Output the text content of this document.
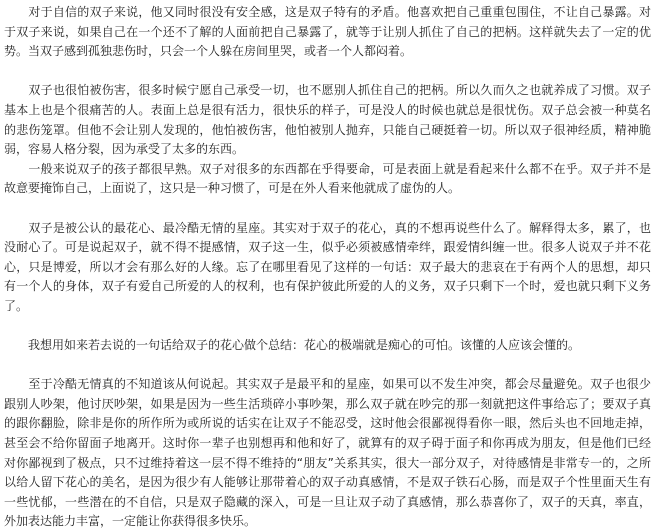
　　对于自信的双子来说，他又同时很没有安全感，这是双子特有的矛盾。他喜欢把自己重重包围住，不让自己暴露。对于双子来说，如果自己在一个还不了解的人面前把自己暴露了，就等于让别人抓住了自己的把柄。这样就失去了一定的优势。当双子感到孤独悲伤时，只会一个人躲在房间里哭，或者一个人都闷着。

　　双子也很怕被伤害，很多时候宁愿自己承受一切，也不愿别人抓住自己的把柄。所以久而久之也就养成了习惯。双子基本上也是个很痛苦的人。表面上总是很有活力，很快乐的样子，可是没人的时候也就总是很忧伤。双子总会被一种莫名的悲伤笼罩。但他不会让别人发现的，他怕被伤害，他怕被别人抛弃，只能自己硬挺着一切。所以双子很神经质，精神脆弱，容易人格分裂，因为承受了太多的东西。

　　一般来说双子的孩子都很早熟。双子对很多的东西都在乎得要命，可是表面上就是看起来什么都不在乎。双子并不是故意要掩饰自己，上面说了，这只是一种习惯了，可是在外人看来他就成了虚伪的人。

　　双子是被公认的最花心、最冷酷无情的星座。其实对于双子的花心，真的不想再说些什么了。解释得太多，累了，也没耐心了。可是说起双子，就不得不提感情，双子这一生，似乎必须被感情牵绊，跟爱情纠缠一世。很多人说双子并不花心，只是博爱，所以才会有那么好的人缘。忘了在哪里看见了这样的一句话：双子最大的悲哀在于有两个人的思想，却只有一个人的身体，双子有爱自己所爱的人的权利，也有保护彼此所爱的人的义务，双子只剩下一个时，爱也就只剩下义务了。

　　我想用如来若去说的一句话给双子的花心做个总结：花心的极端就是痴心的可怕。该懂的人应该会懂的。

　　至于冷酷无情真的不知道该从何说起。其实双子是最平和的星座，如果可以不发生冲突，都会尽量避免。双子也很少跟别人吵架，他讨厌吵架，如果是因为一些生活琐碎小事吵架，那么双子就在吵完的那一刻就把这件事给忘了；要双子真的跟你翻脸，除非是你的所作所为或所说的话实在让双子不能忍受，这时他会很鄙视得看你一眼，然后头也不回地走掉，甚至会不给你留面子地离开。这时你一辈子也别想再和他和好了，就算有的双子碍于面子和你再成为朋友，但是他们已经对你鄙视到了极点，只不过维持着这一层不得不维持的“朋友”关系其实，很大一部分双子，对待感情是非常专一的，之所以给人留下花心的美名，是因为很少有人能够让那带着心的双子动真感情，不是双子铁石心肠，而是双子个性里面天生有一些忧郁，一些潜在的不自信，只是双子隐藏的深入，可是一旦让双子动了真感情，那么恭喜你了，双子的天真，率直，外加表达能力丰富，一定能让你获得很多快乐。
